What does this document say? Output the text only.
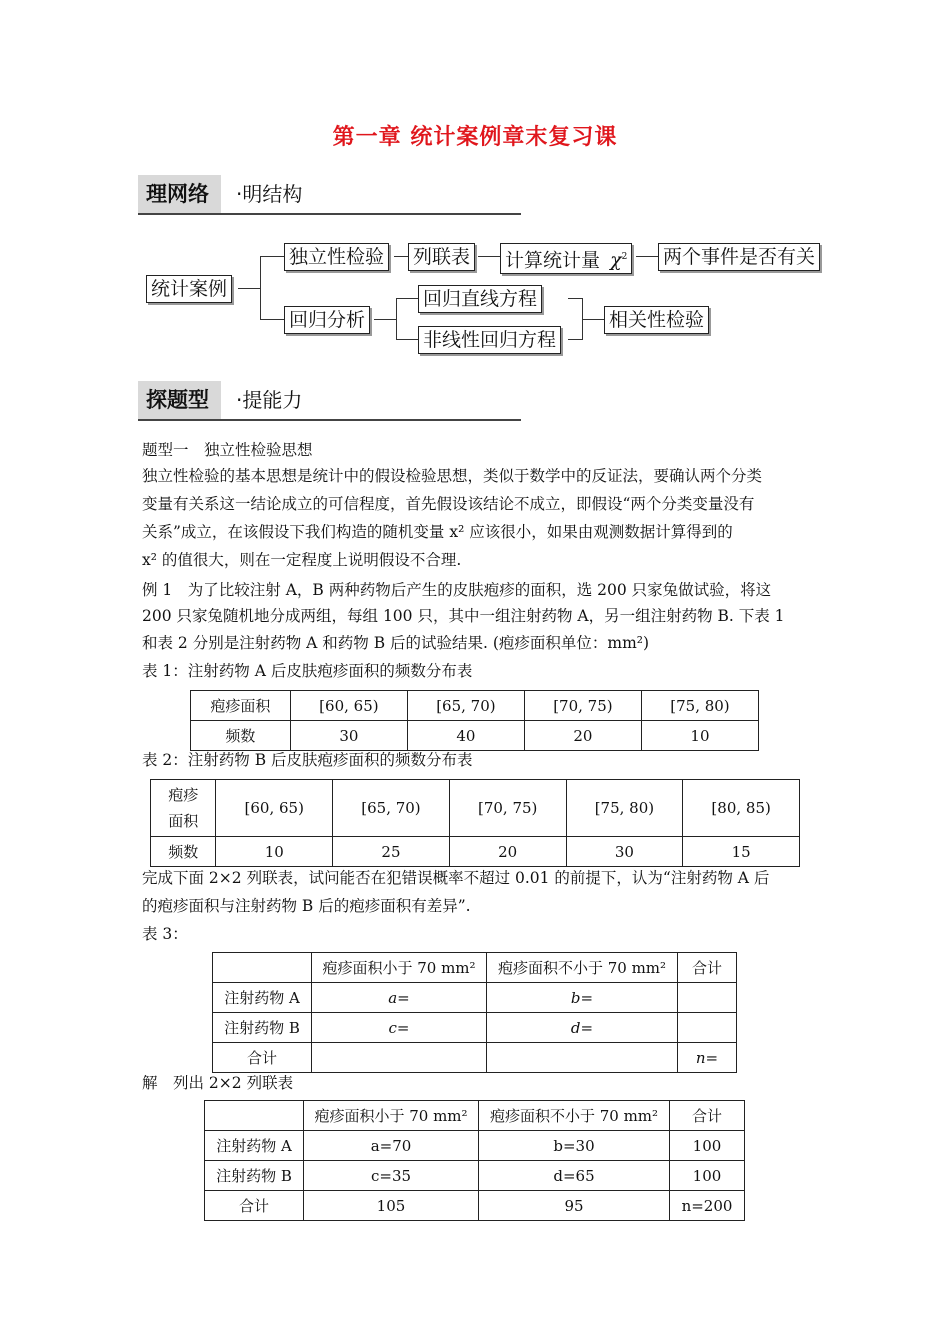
第一章 统计案例章末复习课
理网络	·明结构
统计案例
独立性检验 列联表 计算统计量 $\chi^2$ 两个事件是否有关
回归分析
回归直线方程
非线性回归方程
相关性检验
探题型	·提能力
题型一　独立性检验思想
独立性检验的基本思想是统计中的假设检验思想，类似于数学中的反证法，要确认两个分类
变量有关系这一结论成立的可信程度，首先假设该结论不成立，即假设“两个分类变量没有
关系”成立，在该假设下我们构造的随机变量 x² 应该很小，如果由观测数据计算得到的
x² 的值很大，则在一定程度上说明假设不合理.
例 1　为了比较注射 A，B 两种药物后产生的皮肤疱疹的面积，选 200 只家兔做试验，将这
200 只家兔随机地分成两组，每组 100 只，其中一组注射药物 A，另一组注射药物 B. 下表 1
和表 2 分别是注射药物 A 和药物 B 后的试验结果. (疱疹面积单位：mm²)
表 1：注射药物 A 后皮肤疱疹面积的频数分布表
疱疹面积	[60, 65)	[65, 70)	[70, 75)	[75, 80)
频数	30	40	20	10
表 2：注射药物 B 后皮肤疱疹面积的频数分布表
疱疹
面积	[60, 65)	[65, 70)	[70, 75)	[75, 80)	[80, 85)
频数	10	25	20	30	15
完成下面 2×2 列联表，试问能否在犯错误概率不超过 0.01 的前提下，认为“注射药物 A 后
的疱疹面积与注射药物 B 后的疱疹面积有差异”.
表 3：
	疱疹面积小于 70 mm²	疱疹面积不小于 70 mm²	合计
注射药物 A	a=	b=	
注射药物 B	c=	d=	
合计			n=
解　列出 2×2 列联表
	疱疹面积小于 70 mm²	疱疹面积不小于 70 mm²	合计
注射药物 A	a=70	b=30	100
注射药物 B	c=35	d=65	100
合计	105	95	n=200
